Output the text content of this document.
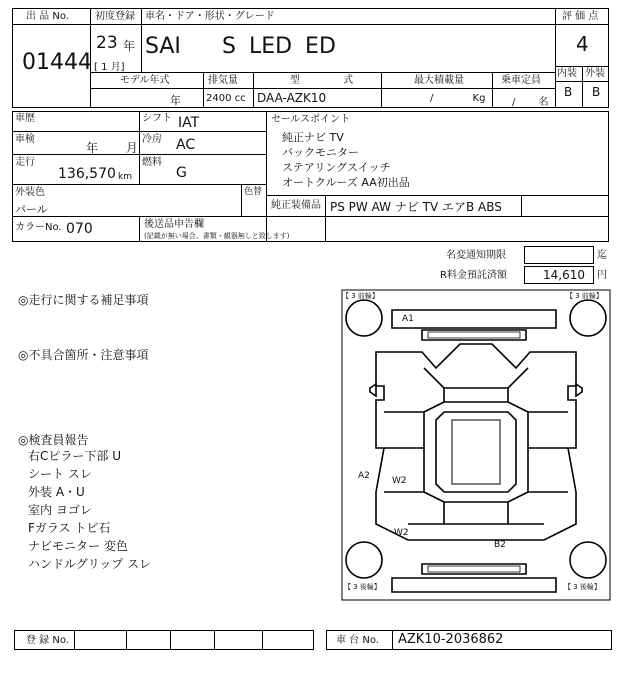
出 品 No.
01444
初度登録
23 年
[ 1 月]
車名・ドア・形状・グレード
SAI S LED ED
評 価 点
4
内装 外装
B B
モデル年式
年
排気量
2400 cc
型 式
DAA-AZK10
最大積載量
/ Kg
乗車定員
/ 名
車歴	シフト IAT
車検
年 月
冷房 AC
走行
136,570 km
燃料
G
外装色
パール
色替
カラーNo. 070	後送品申告欄
(記載が無い場合、書類・観器無しと致します)
セールスポイント
純正ナビ TV
バックモニター
ステアリングスイッチ
オートクルーズ AA初出品
純正装備品 PS PW AW ナビ TV エアB ABS
名変通知期限	迄
R料金預託済額	14,610 円
◎走行に関する補足事項
◎不具合箇所・注意事項
◎検査員報告
右Cピラー下部 U
シート スレ
外装 A・U
室内 ヨゴレ
Fガラス トビ石
ナビモニター 変色
ハンドルグリップ スレ
【 3 前輪】	【 3 前輪】
【 3 後輪】	【 3 後輪】
A1
A2 W2
W2
B2
登 録 No.	車 台 No. AZK10-2036862
